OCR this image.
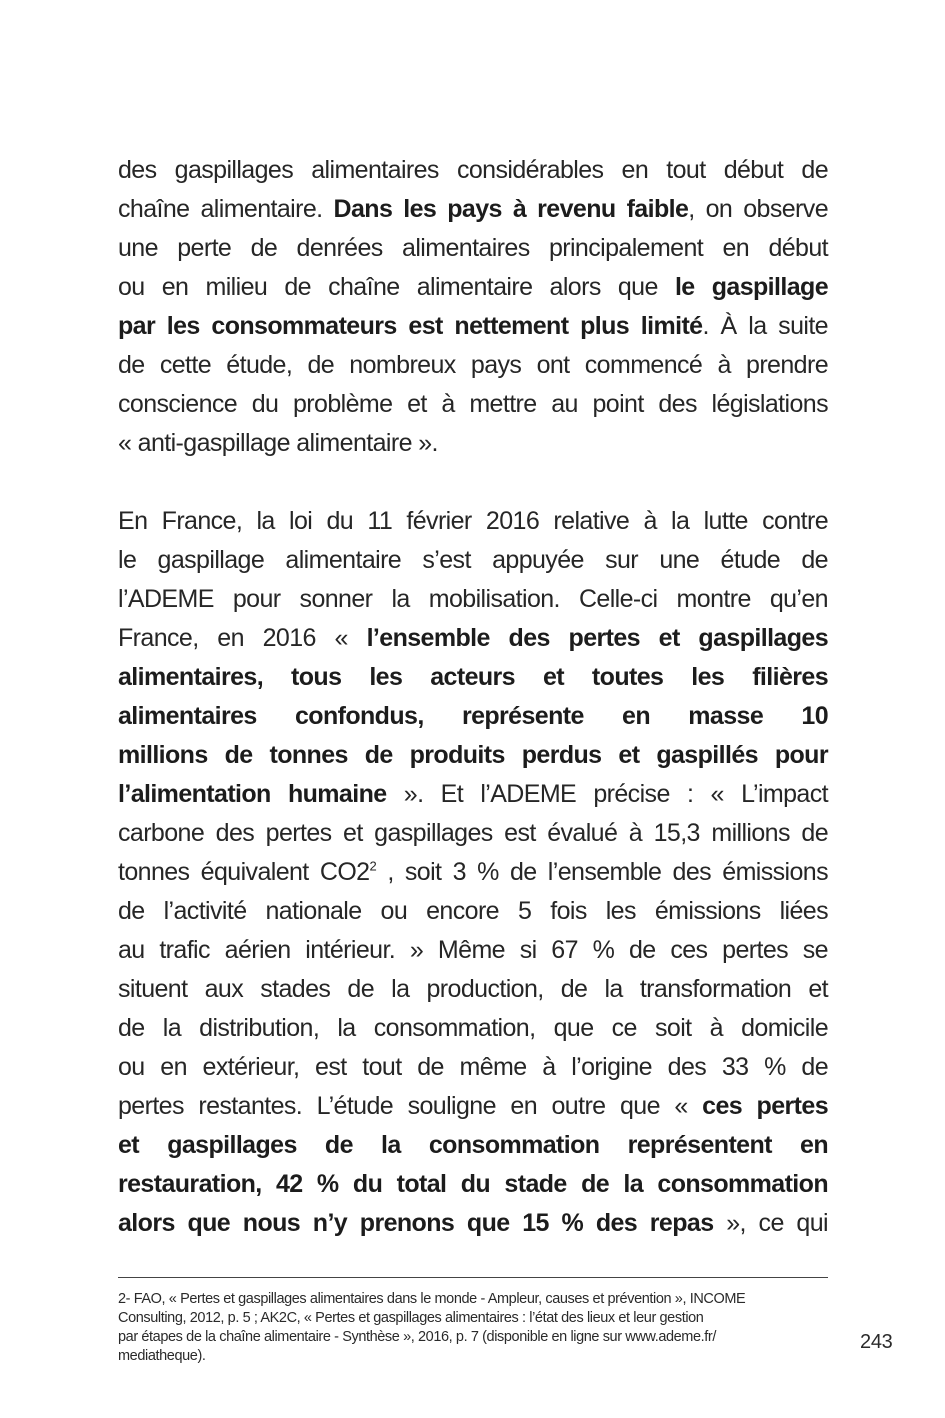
des gaspillages alimentaires considérables en tout début de
chaîne alimentaire. Dans les pays à revenu faible, on observe
une perte de denrées alimentaires principalement en début
ou en milieu de chaîne alimentaire alors que le gaspillage
par les consommateurs est nettement plus limité. À la suite
de cette étude, de nombreux pays ont commencé à prendre
conscience du problème et à mettre au point des législations
« anti-gaspillage alimentaire ».
En France, la loi du 11 février 2016 relative à la lutte contre
le gaspillage alimentaire s’est appuyée sur une étude de
l’ADEME pour sonner la mobilisation. Celle-ci montre qu’en
France, en 2016 « l’ensemble des pertes et gaspillages
alimentaires, tous les acteurs et toutes les filières
alimentaires confondus, représente en masse 10
millions de tonnes de produits perdus et gaspillés pour
l’alimentation humaine ». Et l’ADEME précise : « L’impact
carbone des pertes et gaspillages est évalué à 15,3 millions de
tonnes équivalent $CO2^2$ , soit 3 % de l’ensemble des émissions
de l’activité nationale ou encore 5 fois les émissions liées
au trafic aérien intérieur. » Même si 67 % de ces pertes se
situent aux stades de la production, de la transformation et
de la distribution, la consommation, que ce soit à domicile
ou en extérieur, est tout de même à l’origine des 33 % de
pertes restantes. L’étude souligne en outre que « ces pertes
et gaspillages de la consommation représentent en
restauration, 42 % du total du stade de la consommation
alors que nous n’y prenons que 15 % des repas », ce qui
2- FAO, « Pertes et gaspillages alimentaires dans le monde - Ampleur, causes et prévention », INCOME
Consulting, 2012, p. 5 ; AK2C, « Pertes et gaspillages alimentaires : l’état des lieux et leur gestion
par étapes de la chaîne alimentaire - Synthèse », 2016, p. 7 (disponible en ligne sur www.ademe.fr/
mediatheque).
243
